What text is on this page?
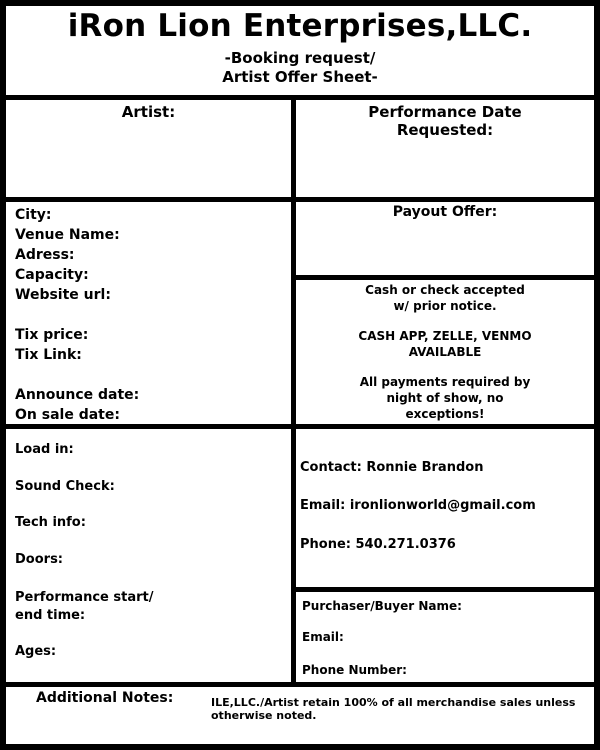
iRon Lion Enterprises,LLC.
-Booking request/
Artist Offer Sheet-
Artist:	Performance Date
Requested:
City:
Venue Name:
Adress:
Capacity:
Website url:
Tix price:
Tix Link:
Announce date:
On sale date:
Payout Offer:
Cash or check accepted
w/ prior notice.
CASH APP, ZELLE, VENMO
AVAILABLE
All payments required by
night of show, no
exceptions!
Load in:
Sound Check:
Tech info:
Doors:
Performance start/
end time:
Ages:
Contact: Ronnie Brandon
Email: ironlionworld@gmail.com
Phone: 540.271.0376
Purchaser/Buyer Name:
Email:
Phone Number:
Additional Notes:	ILE,LLC./Artist retain 100% of all merchandise sales unless
otherwise noted.
